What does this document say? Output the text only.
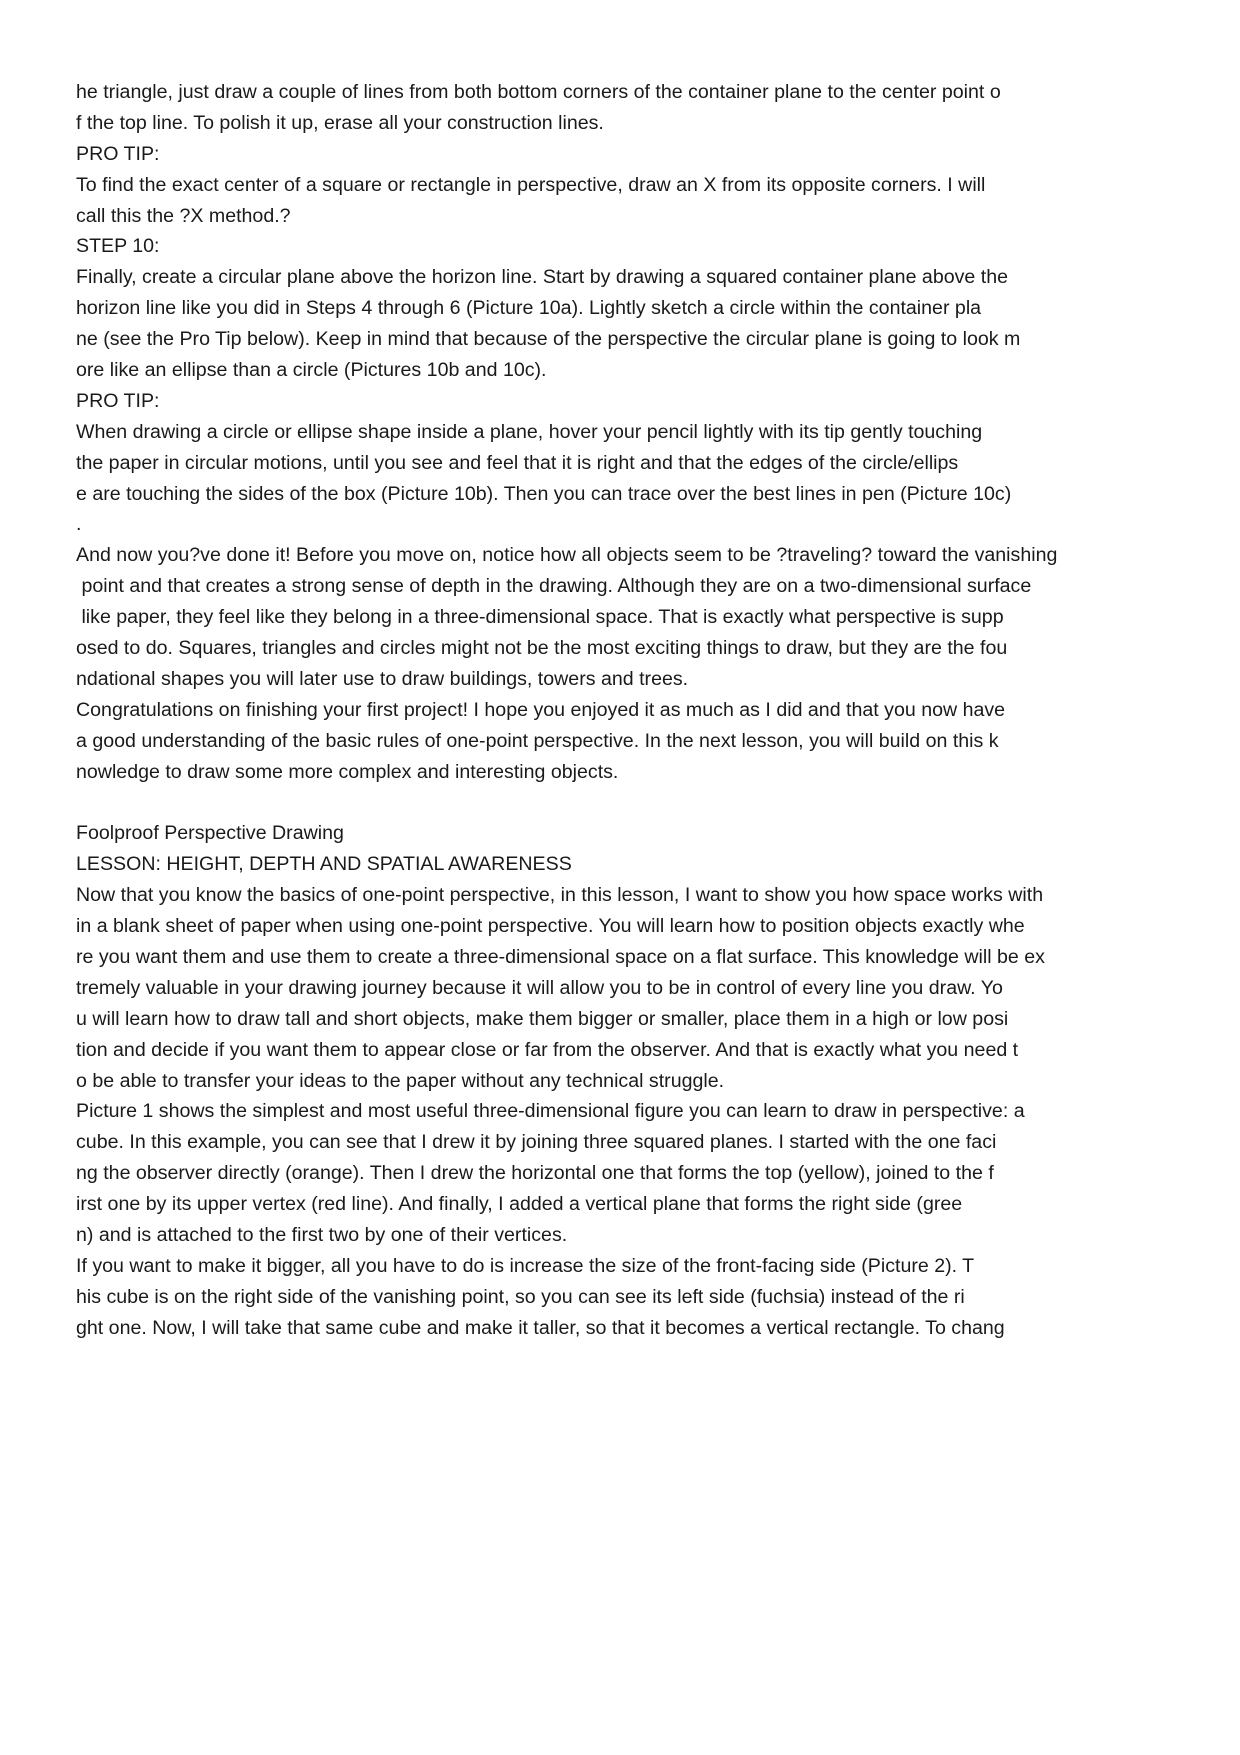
he triangle, just draw a couple of lines from both bottom corners of the container plane to the center point o
f the top line. To polish it up, erase all your construction lines.
PRO TIP:
To find the exact center of a square or rectangle in perspective, draw an X from its opposite corners. I will
call this the ?X method.?
STEP 10:
Finally, create a circular plane above the horizon line. Start by drawing a squared container plane above the
horizon line like you did in Steps 4 through 6 (Picture 10a). Lightly sketch a circle within the container pla
ne (see the Pro Tip below). Keep in mind that because of the perspective the circular plane is going to look m
ore like an ellipse than a circle (Pictures 10b and 10c).
PRO TIP:
When drawing a circle or ellipse shape inside a plane, hover your pencil lightly with its tip gently touching
the paper in circular motions, until you see and feel that it is right and that the edges of the circle/ellips
e are touching the sides of the box (Picture 10b). Then you can trace over the best lines in pen (Picture 10c)
.
And now you?ve done it! Before you move on, notice how all objects seem to be ?traveling? toward the vanishing
point and that creates a strong sense of depth in the drawing. Although they are on a two-dimensional surface
like paper, they feel like they belong in a three-dimensional space. That is exactly what perspective is supp
osed to do. Squares, triangles and circles might not be the most exciting things to draw, but they are the fou
ndational shapes you will later use to draw buildings, towers and trees.
Congratulations on finishing your first project! I hope you enjoyed it as much as I did and that you now have
a good understanding of the basic rules of one-point perspective. In the next lesson, you will build on this k
nowledge to draw some more complex and interesting objects.
Foolproof Perspective Drawing
LESSON: HEIGHT, DEPTH AND SPATIAL AWARENESS
Now that you know the basics of one-point perspective, in this lesson, I want to show you how space works with
in a blank sheet of paper when using one-point perspective. You will learn how to position objects exactly whe
re you want them and use them to create a three-dimensional space on a flat surface. This knowledge will be ex
tremely valuable in your drawing journey because it will allow you to be in control of every line you draw. Yo
u will learn how to draw tall and short objects, make them bigger or smaller, place them in a high or low posi
tion and decide if you want them to appear close or far from the observer. And that is exactly what you need t
o be able to transfer your ideas to the paper without any technical struggle.
Picture 1 shows the simplest and most useful three-dimensional figure you can learn to draw in perspective: a
cube. In this example, you can see that I drew it by joining three squared planes. I started with the one faci
ng the observer directly (orange). Then I drew the horizontal one that forms the top (yellow), joined to the f
irst one by its upper vertex (red line). And finally, I added a vertical plane that forms the right side (gree
n) and is attached to the first two by one of their vertices.
If you want to make it bigger, all you have to do is increase the size of the front-facing side (Picture 2). T
his cube is on the right side of the vanishing point, so you can see its left side (fuchsia) instead of the ri
ght one. Now, I will take that same cube and make it taller, so that it becomes a vertical rectangle. To chang
